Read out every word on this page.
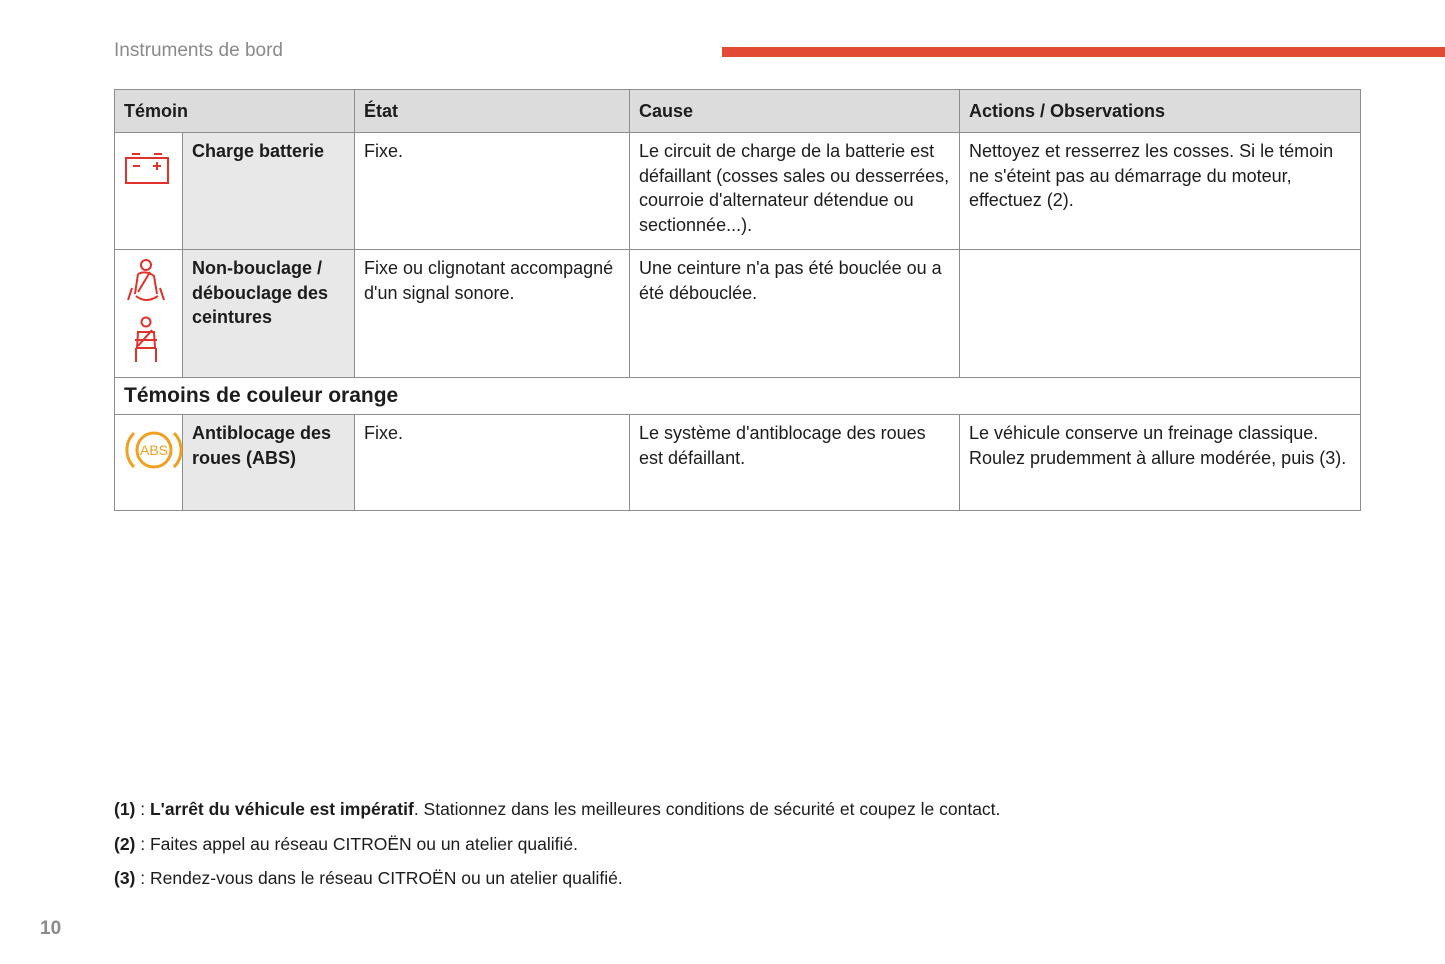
Instruments de bord
Témoin		État	Cause	Actions / Observations

	Charge batterie	Fixe.	Le circuit de charge de la batterie est défaillant (cosses sales ou desserrées, courroie d'alternateur détendue ou sectionnée...).	Nettoyez et resserrez les cosses. Si le témoin ne s'éteint pas au démarrage du moteur, effectuez (2).

	Non-bouclage / débouclage des ceintures	Fixe ou clignotant accompagné d'un signal sonore.	Une ceinture n'a pas été bouclée ou a été débouclée.	
Témoins de couleur orange				

ABS	Antiblocage des roues (ABS)	Fixe.	Le système d'antiblocage des roues est défaillant.	Le véhicule conserve un freinage classique. Roulez prudemment à allure modérée, puis (3).
(1) : L'arrêt du véhicule est impératif. Stationnez dans les meilleures conditions de sécurité et coupez le contact.
(2) : Faites appel au réseau CITROËN ou un atelier qualifié.
(3) : Rendez-vous dans le réseau CITROËN ou un atelier qualifié.
10
